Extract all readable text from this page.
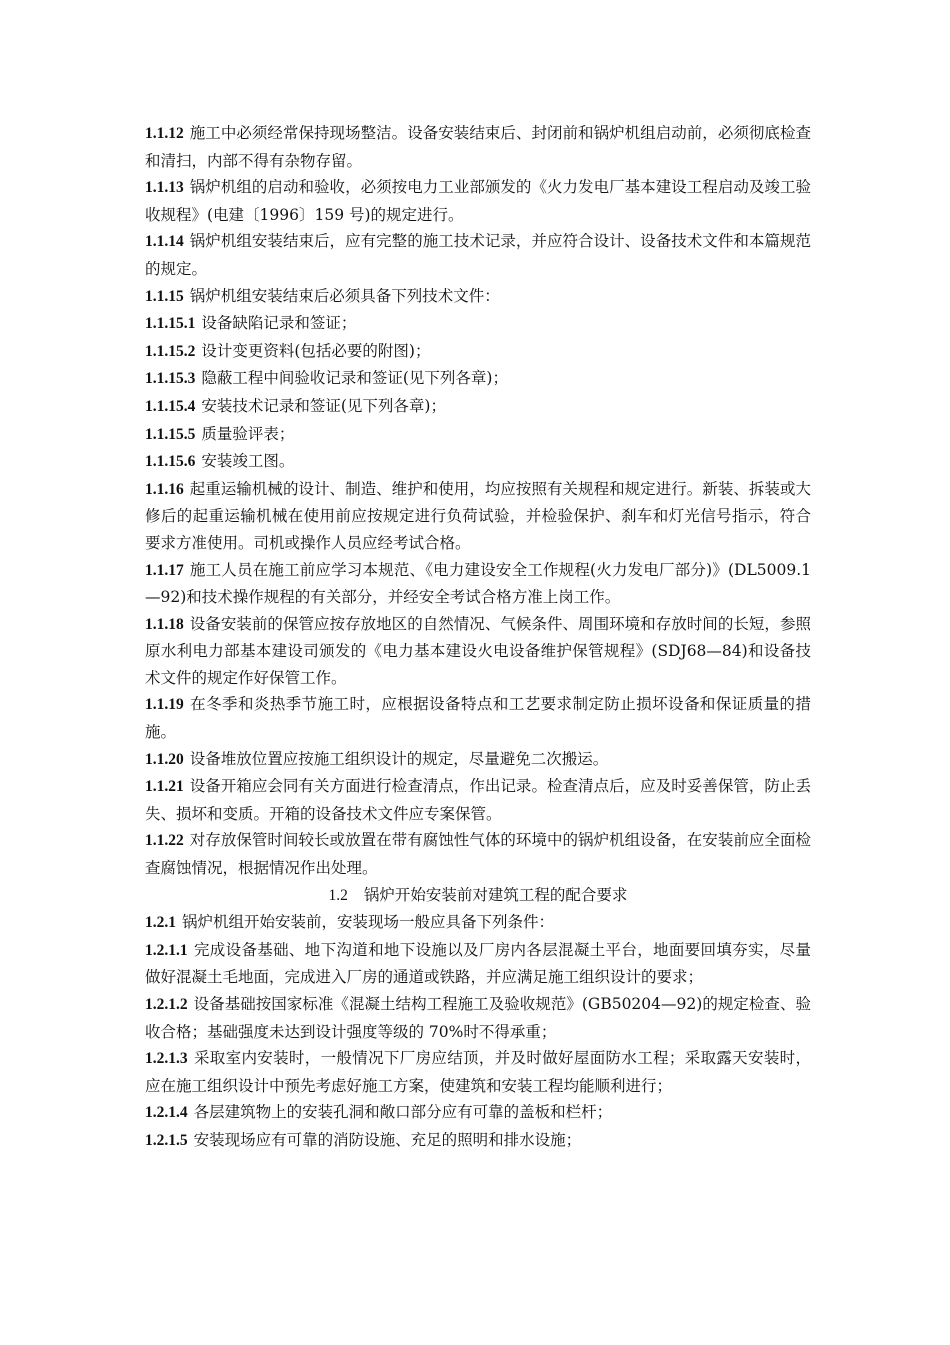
1.1.12 施工中必须经常保持现场整洁。设备安装结束后、封闭前和锅炉机组启动前，必须彻底检查和清扫，内部不得有杂物存留。

1.1.13 锅炉机组的启动和验收，必须按电力工业部颁发的《火力发电厂基本建设工程启动及竣工验收规程》(电建〔1996〕159 号)的规定进行。

1.1.14 锅炉机组安装结束后，应有完整的施工技术记录，并应符合设计、设备技术文件和本篇规范的规定。

1.1.15 锅炉机组安装结束后必须具备下列技术文件：

1.1.15.1 设备缺陷记录和签证；

1.1.15.2 设计变更资料(包括必要的附图)；

1.1.15.3 隐蔽工程中间验收记录和签证(见下列各章)；

1.1.15.4 安装技术记录和签证(见下列各章)；

1.1.15.5 质量验评表；

1.1.15.6 安装竣工图。

1.1.16 起重运输机械的设计、制造、维护和使用，均应按照有关规程和规定进行。新装、拆装或大修后的起重运输机械在使用前应按规定进行负荷试验，并检验保护、刹车和灯光信号指示，符合要求方准使用。司机或操作人员应经考试合格。

1.1.17 施工人员在施工前应学习本规范、《电力建设安全工作规程(火力发电厂部分)》(DL5009.1—92)和技术操作规程的有关部分，并经安全考试合格方准上岗工作。

1.1.18 设备安装前的保管应按存放地区的自然情况、气候条件、周围环境和存放时间的长短，参照原水利电力部基本建设司颁发的《电力基本建设火电设备维护保管规程》(SDJ68—84)和设备技术文件的规定作好保管工作。

1.1.19 在冬季和炎热季节施工时，应根据设备特点和工艺要求制定防止损坏设备和保证质量的措施。

1.1.20 设备堆放位置应按施工组织设计的规定，尽量避免二次搬运。

1.1.21 设备开箱应会同有关方面进行检查清点，作出记录。检查清点后，应及时妥善保管，防止丢失、损坏和变质。开箱的设备技术文件应专案保管。

1.1.22 对存放保管时间较长或放置在带有腐蚀性气体的环境中的锅炉机组设备，在安装前应全面检查腐蚀情况，根据情况作出处理。

1.2 锅炉开始安装前对建筑工程的配合要求

1.2.1 锅炉机组开始安装前，安装现场一般应具备下列条件：

1.2.1.1 完成设备基础、地下沟道和地下设施以及厂房内各层混凝土平台，地面要回填夯实，尽量做好混凝土毛地面，完成进入厂房的通道或铁路，并应满足施工组织设计的要求；

1.2.1.2 设备基础按国家标准《混凝土结构工程施工及验收规范》(GB50204—92)的规定检查、验收合格；基础强度未达到设计强度等级的 70%时不得承重；

1.2.1.3 采取室内安装时，一般情况下厂房应结顶，并及时做好屋面防水工程；采取露天安装时，应在施工组织设计中预先考虑好施工方案，使建筑和安装工程均能顺利进行；

1.2.1.4 各层建筑物上的安装孔洞和敞口部分应有可靠的盖板和栏杆；

1.2.1.5 安装现场应有可靠的消防设施、充足的照明和排水设施；
